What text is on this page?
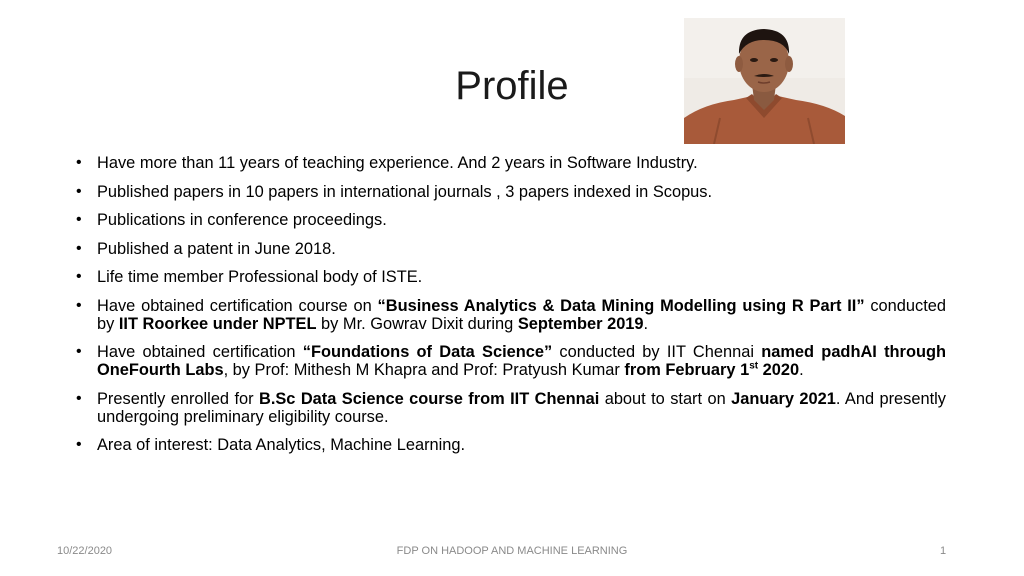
Profile
• Have more than 11 years of teaching experience. And 2 years in Software Industry.
• Published papers in 10 papers in international journals , 3 papers indexed in Scopus.
• Publications in conference proceedings.
• Published a patent in June 2018.
• Life time member Professional body of ISTE.
• Have obtained certification course on “Business Analytics & Data Mining Modelling using R Part II” conducted by IIT Roorkee under NPTEL by Mr. Gowrav Dixit during September 2019.
• Have obtained certification “Foundations of Data Science” conducted by IIT Chennai named padhAI through OneFourth Labs, by Prof: Mithesh M Khapra and Prof: Pratyush Kumar from February 1st 2020.
• Presently enrolled for B.Sc Data Science course from IIT Chennai about to start on January 2021. And presently undergoing preliminary eligibility course.
• Area of interest: Data Analytics, Machine Learning.
10/22/2020	FDP ON HADOOP AND MACHINE LEARNING	1
